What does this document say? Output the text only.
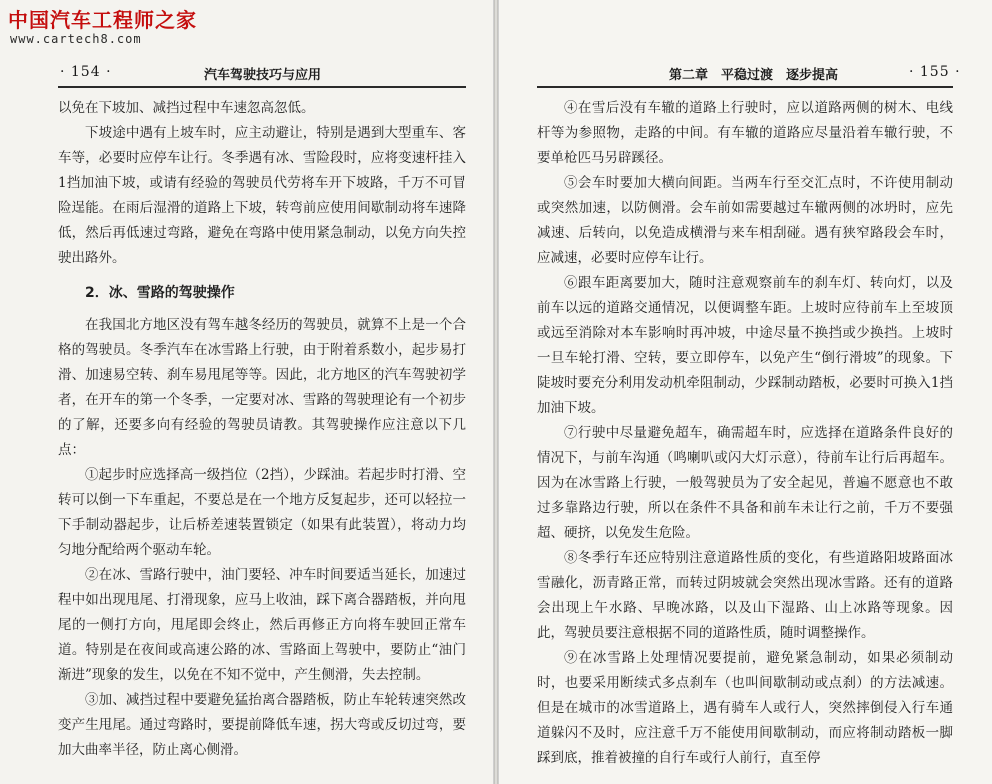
· 154 ·	汽车驾驶技巧与应用

以免在下坡加、减挡过程中车速忽高忽低。

下坡途中遇有上坡车时，应主动避让，特别是遇到大型重车、客车等，必要时应停车让行。冬季遇有冰、雪险段时，应将变速杆挂入1挡加油下坡，或请有经验的驾驶员代劳将车开下坡路，千万不可冒险逞能。在雨后湿滑的道路上下坡，转弯前应使用间歇制动将车速降低，然后再低速过弯路，避免在弯路中使用紧急制动，以免方向失控驶出路外。

2．冰、雪路的驾驶操作

在我国北方地区没有驾车越冬经历的驾驶员，就算不上是一个合格的驾驶员。冬季汽车在冰雪路上行驶，由于附着系数小，起步易打滑、加速易空转、刹车易甩尾等等。因此，北方地区的汽车驾驶初学者，在开车的第一个冬季，一定要对冰、雪路的驾驶理论有一个初步的了解，还要多向有经验的驾驶员请教。其驾驶操作应注意以下几点：

①起步时应选择高一级挡位（2挡），少踩油。若起步时打滑、空转可以倒一下车重起，不要总是在一个地方反复起步，还可以轻拉一下手制动器起步，让后桥差速装置锁定（如果有此装置），将动力均匀地分配给两个驱动车轮。

②在冰、雪路行驶中，油门要轻、冲车时间要适当延长，加速过程中如出现甩尾、打滑现象，应马上收油，踩下离合器踏板，并向甩尾的一侧打方向，甩尾即会终止，然后再修正方向将车驶回正常车道。特别是在夜间或高速公路的冰、雪路面上驾驶中，要防止“油门渐进”现象的发生，以免在不知不觉中，产生侧滑，失去控制。

③加、减挡过程中要避免猛抬离合器踏板，防止车轮转速突然改变产生甩尾。通过弯路时，要提前降低车速，拐大弯或反切过弯，要加大曲率半径，防止离心侧滑。

第二章　平稳过渡　逐步提高	· 155 ·

④在雪后没有车辙的道路上行驶时，应以道路两侧的树木、电线杆等为参照物，走路的中间。有车辙的道路应尽量沿着车辙行驶，不要单枪匹马另辟蹊径。

⑤会车时要加大横向间距。当两车行至交汇点时，不许使用制动或突然加速，以防侧滑。会车前如需要越过车辙两侧的冰坍时，应先减速、后转向，以免造成横滑与来车相刮碰。遇有狭窄路段会车时，应减速，必要时应停车让行。

⑥跟车距离要加大，随时注意观察前车的刹车灯、转向灯，以及前车以远的道路交通情况，以便调整车距。上坡时应待前车上至坡顶或远至消除对本车影响时再冲坡，中途尽量不换挡或少换挡。上坡时一旦车轮打滑、空转，要立即停车，以免产生“倒行滑坡”的现象。下陡坡时要充分利用发动机牵阻制动，少踩制动踏板，必要时可换入1挡加油下坡。

⑦行驶中尽量避免超车，确需超车时，应选择在道路条件良好的情况下，与前车沟通（鸣喇叭或闪大灯示意），待前车让行后再超车。因为在冰雪路上行驶，一般驾驶员为了安全起见，普遍不愿意也不敢过多靠路边行驶，所以在条件不具备和前车未让行之前，千万不要强超、硬挤，以免发生危险。

⑧冬季行车还应特别注意道路性质的变化，有些道路阳坡路面冰雪融化，沥青路正常，而转过阴坡就会突然出现冰雪路。还有的道路会出现上午水路、早晚冰路，以及山下湿路、山上冰路等现象。因此，驾驶员要注意根据不同的道路性质，随时调整操作。

⑨在冰雪路上处理情况要提前，避免紧急制动，如果必须制动时，也要采用断续式多点刹车（也叫间歇制动或点刹）的方法减速。但是在城市的冰雪道路上，遇有骑车人或行人，突然摔倒侵入行车通道躲闪不及时，应注意千万不能使用间歇制动，而应将制动踏板一脚踩到底，推着被撞的自行车或行人前行，直至停

中国汽车工程师之家
www.cartech8.com
